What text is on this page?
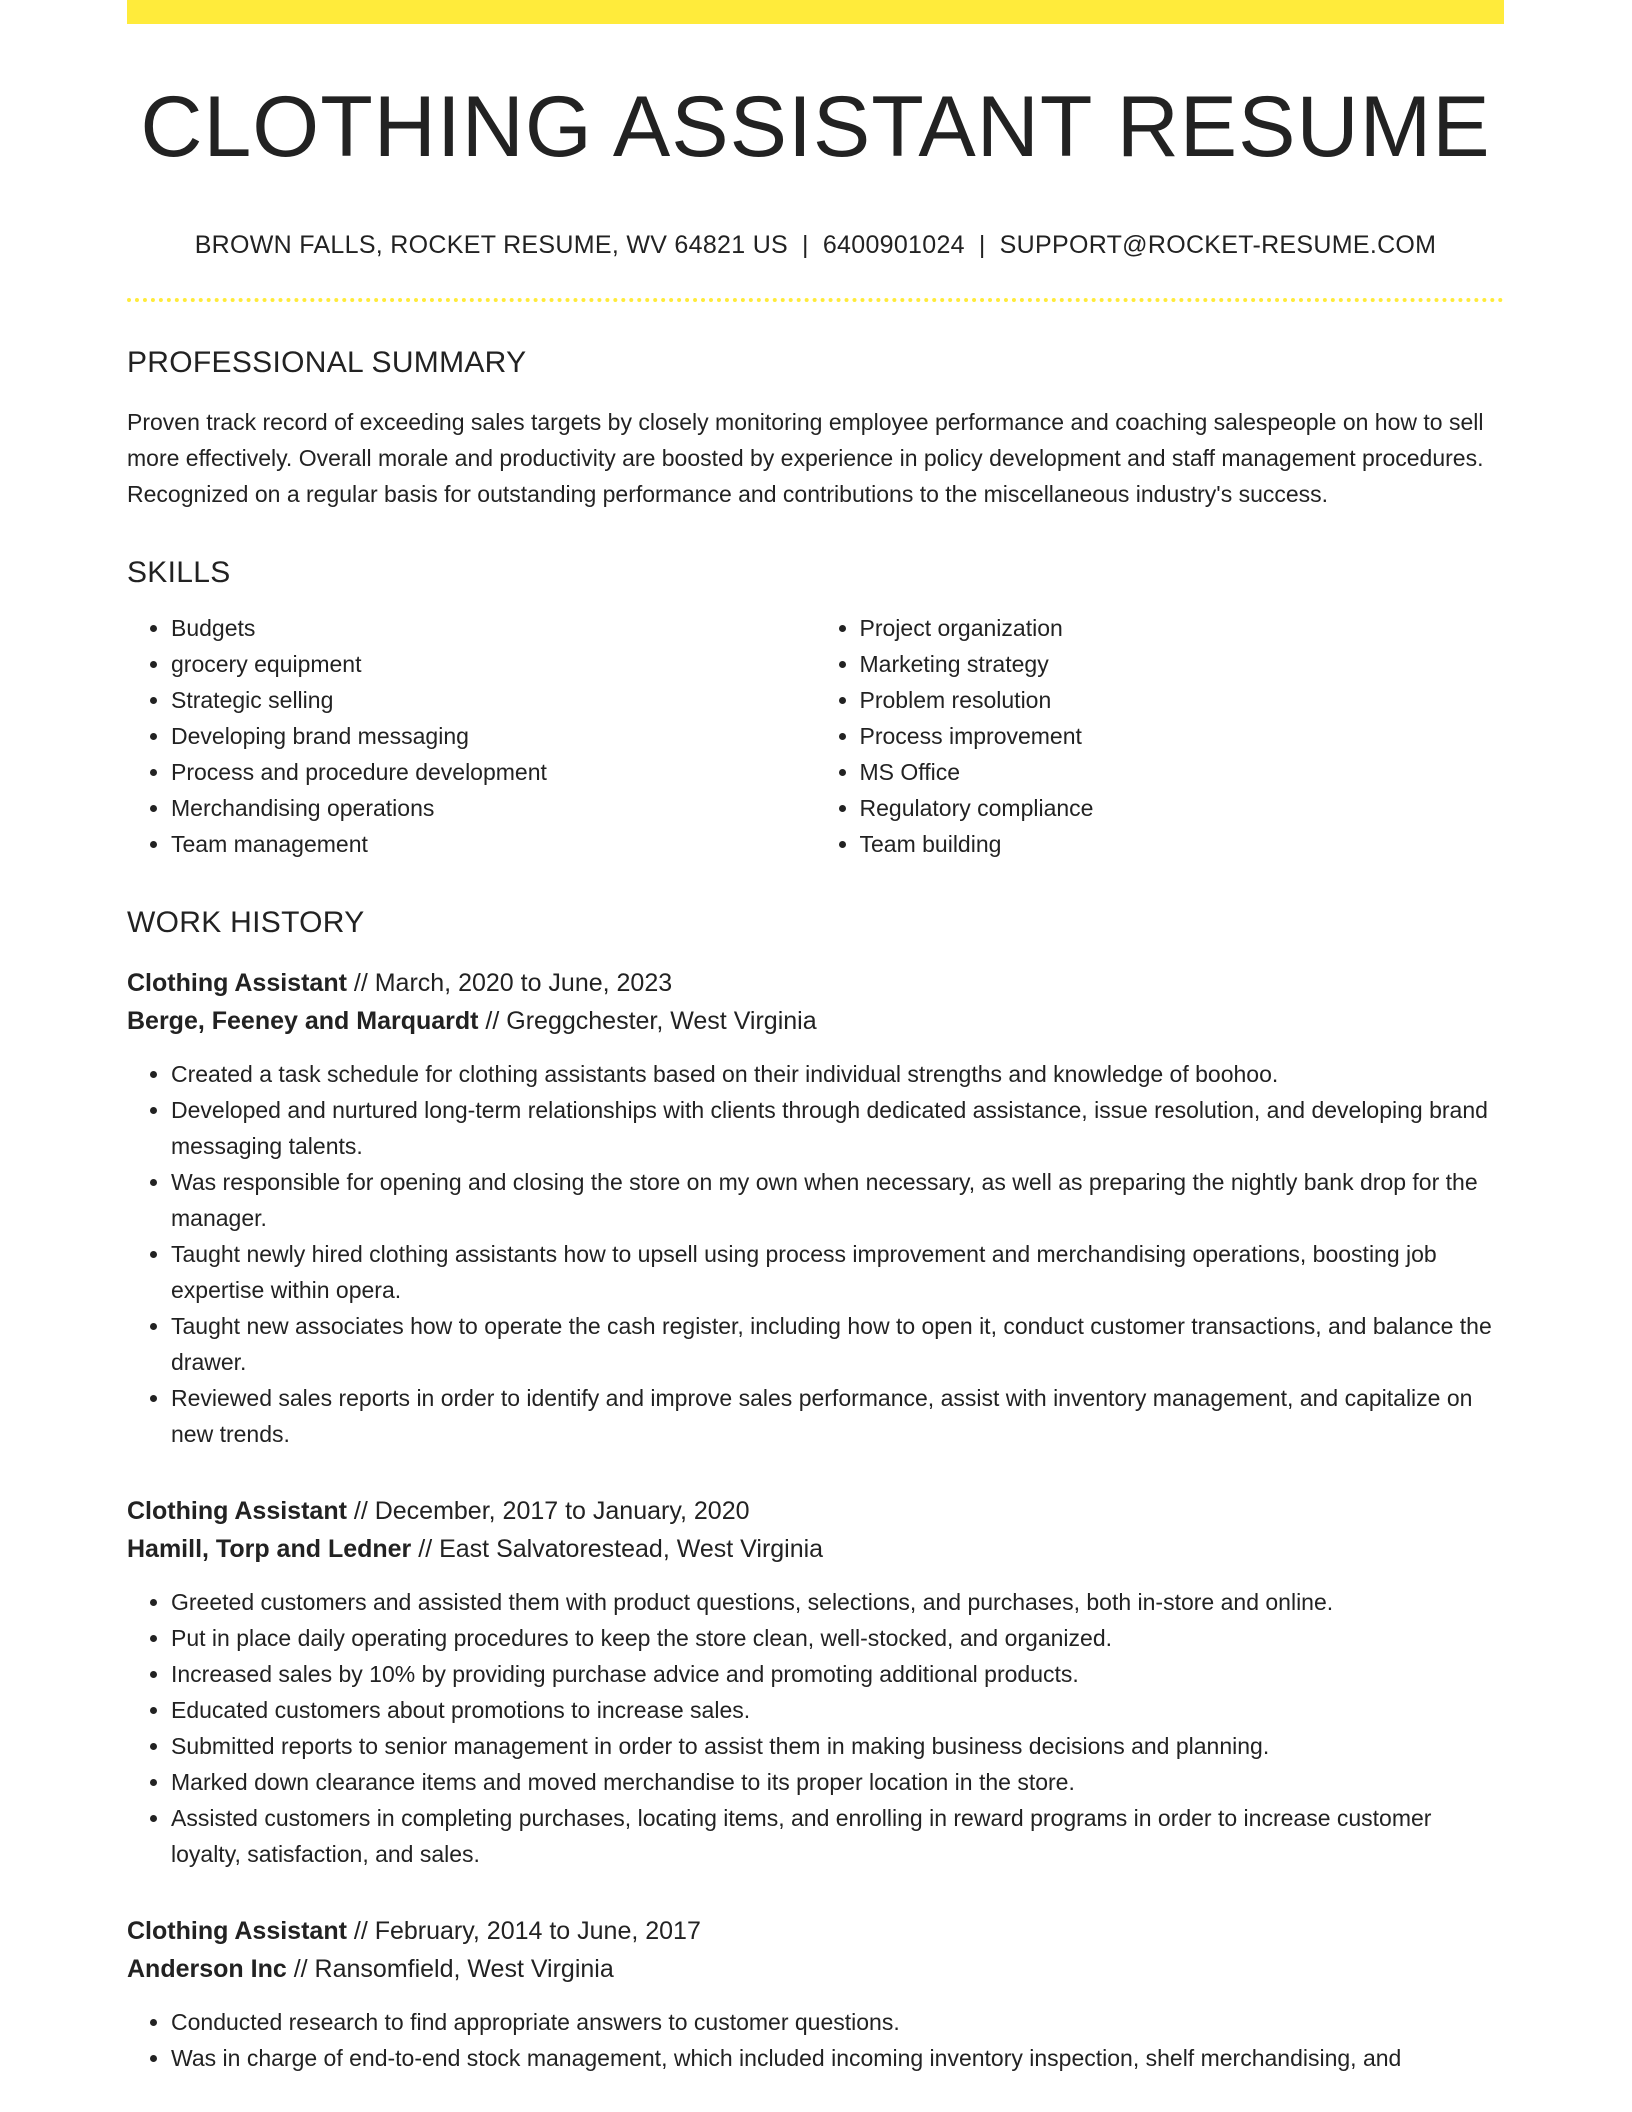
CLOTHING ASSISTANT RESUME
BROWN FALLS, ROCKET RESUME, WV 64821 US | 6400901024 | SUPPORT@ROCKET-RESUME.COM
PROFESSIONAL SUMMARY

Proven track record of exceeding sales targets by closely monitoring employee performance and coaching salespeople on how to sell more effectively. Overall morale and productivity are boosted by experience in policy development and staff management procedures. Recognized on a regular basis for outstanding performance and contributions to the miscellaneous industry's success.

SKILLS
• Budgets
• grocery equipment
• Strategic selling
• Developing brand messaging
• Process and procedure development
• Merchandising operations
• Team management
• Project organization
• Marketing strategy
• Problem resolution
• Process improvement
• MS Office
• Regulatory compliance
• Team building
WORK HISTORY
Clothing Assistant // March, 2020 to June, 2023
Berge, Feeney and Marquardt // Greggchester, West Virginia
• Created a task schedule for clothing assistants based on their individual strengths and knowledge of boohoo.
• Developed and nurtured long-term relationships with clients through dedicated assistance, issue resolution, and developing brand messaging talents.
• Was responsible for opening and closing the store on my own when necessary, as well as preparing the nightly bank drop for the manager.
• Taught newly hired clothing assistants how to upsell using process improvement and merchandising operations, boosting job expertise within opera.
• Taught new associates how to operate the cash register, including how to open it, conduct customer transactions, and balance the drawer.
• Reviewed sales reports in order to identify and improve sales performance, assist with inventory management, and capitalize on new trends.
Clothing Assistant // December, 2017 to January, 2020
Hamill, Torp and Ledner // East Salvatorestead, West Virginia
• Greeted customers and assisted them with product questions, selections, and purchases, both in-store and online.
• Put in place daily operating procedures to keep the store clean, well-stocked, and organized.
• Increased sales by 10% by providing purchase advice and promoting additional products.
• Educated customers about promotions to increase sales.
• Submitted reports to senior management in order to assist them in making business decisions and planning.
• Marked down clearance items and moved merchandise to its proper location in the store.
• Assisted customers in completing purchases, locating items, and enrolling in reward programs in order to increase customer loyalty, satisfaction, and sales.
Clothing Assistant // February, 2014 to June, 2017
Anderson Inc // Ransomfield, West Virginia
• Conducted research to find appropriate answers to customer questions.
• Was in charge of end-to-end stock management, which included incoming inventory inspection, shelf merchandising, and
